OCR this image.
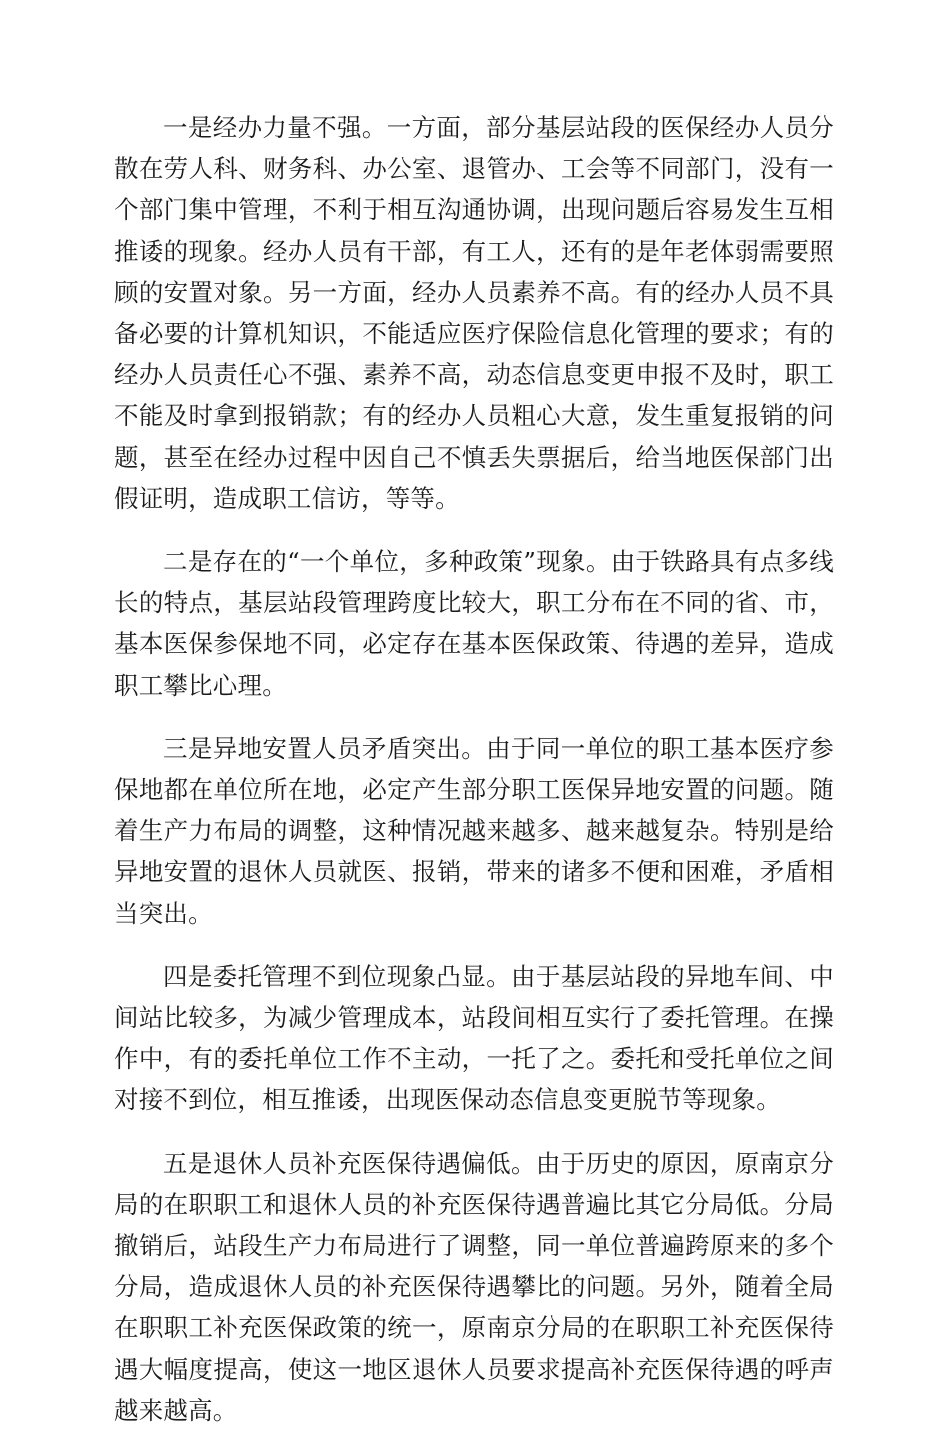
一是经办力量不强。一方面，部分基层站段的医保经办人员分散在劳人科、财务科、办公室、退管办、工会等不同部门，没有一个部门集中管理，不利于相互沟通协调，出现问题后容易发生互相推诿的现象。经办人员有干部，有工人，还有的是年老体弱需要照顾的安置对象。另一方面，经办人员素养不高。有的经办人员不具备必要的计算机知识，不能适应医疗保险信息化管理的要求；有的经办人员责任心不强、素养不高，动态信息变更申报不及时，职工不能及时拿到报销款；有的经办人员粗心大意，发生重复报销的问题，甚至在经办过程中因自己不慎丢失票据后，给当地医保部门出假证明，造成职工信访，等等。

二是存在的“一个单位，多种政策”现象。由于铁路具有点多线长的特点，基层站段管理跨度比较大，职工分布在不同的省、市，基本医保参保地不同，必定存在基本医保政策、待遇的差异，造成职工攀比心理。

三是异地安置人员矛盾突出。由于同一单位的职工基本医疗参保地都在单位所在地，必定产生部分职工医保异地安置的问题。随着生产力布局的调整，这种情况越来越多、越来越复杂。特别是给异地安置的退休人员就医、报销，带来的诸多不便和困难，矛盾相当突出。

四是委托管理不到位现象凸显。由于基层站段的异地车间、中间站比较多，为减少管理成本，站段间相互实行了委托管理。在操作中，有的委托单位工作不主动，一托了之。委托和受托单位之间对接不到位，相互推诿，出现医保动态信息变更脱节等现象。

五是退休人员补充医保待遇偏低。由于历史的原因，原南京分局的在职职工和退休人员的补充医保待遇普遍比其它分局低。分局撤销后，站段生产力布局进行了调整，同一单位普遍跨原来的多个分局，造成退休人员的补充医保待遇攀比的问题。另外，随着全局在职职工补充医保政策的统一，原南京分局的在职职工补充医保待遇大幅度提高，使这一地区退休人员要求提高补充医保待遇的呼声越来越高。
